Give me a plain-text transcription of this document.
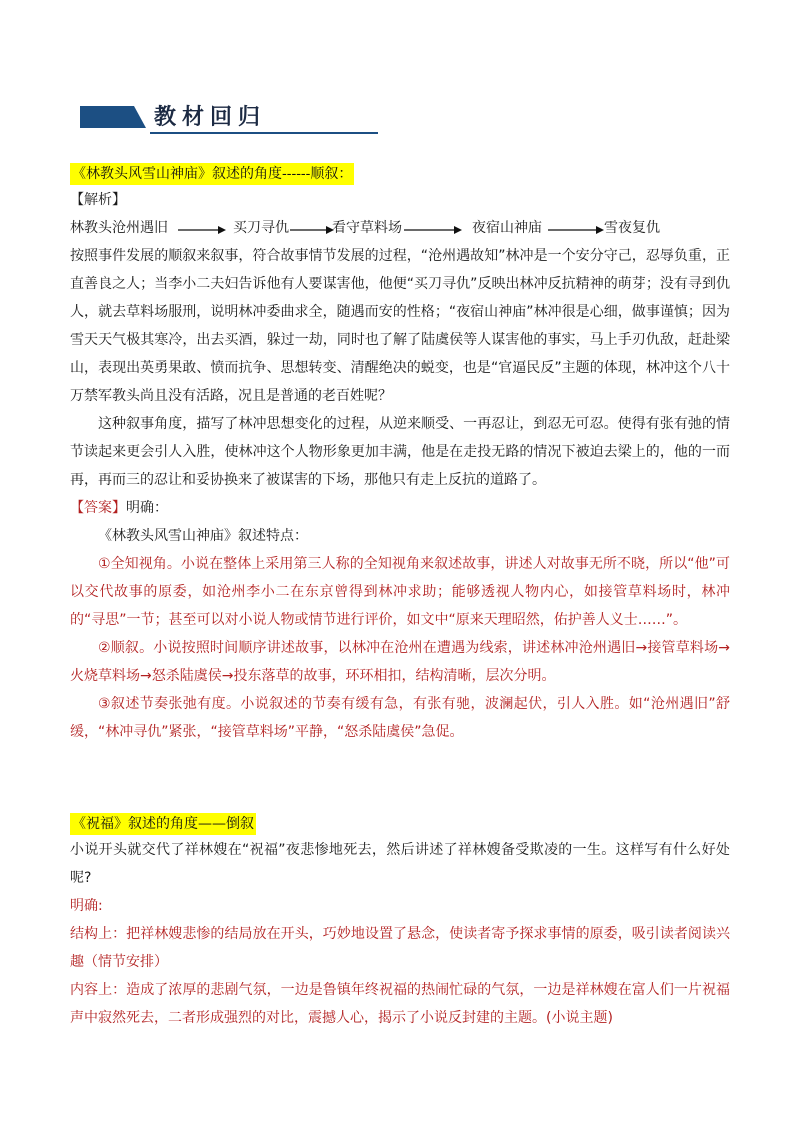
教材回归
《林教头风雪山神庙》叙述的角度------顺叙：
【解析】
林教头沧州遇旧	买刀寻仇	看守草料场	夜宿山神庙	雪夜复仇

按照事件发展的顺叙来叙事，符合故事情节发展的过程，“沧州遇故知”林冲是一个安分守己，忍辱负重，正直善良之人；当李小二夫妇告诉他有人要谋害他，他便“买刀寻仇”反映出林冲反抗精神的萌芽；没有寻到仇人，就去草料场服刑，说明林冲委曲求全，随遇而安的性格；“夜宿山神庙”林冲很是心细，做事谨慎；因为雪天天气极其寒冷，出去买酒，躲过一劫，同时也了解了陆虞侯等人谋害他的事实，马上手刃仇敌，赶赴梁山，表现出英勇果敢、愤而抗争、思想转变、清醒绝决的蜕变，也是“官逼民反”主题的体现，林冲这个八十万禁军教头尚且没有活路，况且是普通的老百姓呢？

这种叙事角度，描写了林冲思想变化的过程，从逆来顺受、一再忍让，到忍无可忍。使得有张有弛的情节读起来更会引人入胜，使林冲这个人物形象更加丰满，他是在走投无路的情况下被迫去梁上的，他的一而再，再而三的忍让和妥协换来了被谋害的下场，那他只有走上反抗的道路了。

【答案】明确：

《林教头风雪山神庙》叙述特点：

①全知视角。小说在整体上采用第三人称的全知视角来叙述故事，讲述人对故事无所不晓，所以“他”可以交代故事的原委，如沧州李小二在东京曾得到林冲求助；能够透视人物内心，如接管草料场时，林冲的“寻思”一节；甚至可以对小说人物或情节进行评价，如文中“原来天理昭然，佑护善人义士……”。

②顺叙。小说按照时间顺序讲述故事，以林冲在沧州在遭遇为线索，讲述林冲沧州遇旧→接管草料场→火烧草料场→怒杀陆虞侯→投东落草的故事，环环相扣，结构清晰，层次分明。

③叙述节奏张弛有度。小说叙述的节奏有缓有急，有张有驰，波澜起伏，引人入胜。如“沧州遇旧”舒缓，“林冲寻仇”紧张，“接管草料场”平静，“怒杀陆虞侯”急促。

《祝福》叙述的角度——倒叙

小说开头就交代了祥林嫂在“祝福”夜悲惨地死去，然后讲述了祥林嫂备受欺凌的一生。这样写有什么好处呢?

明确:

结构上：把祥林嫂悲惨的结局放在开头，巧妙地设置了悬念，使读者寄予探求事情的原委，吸引读者阅读兴趣（情节安排）

内容上：造成了浓厚的悲剧气氛，一边是鲁镇年终祝福的热闹忙碌的气氛，一边是祥林嫂在富人们一片祝福声中寂然死去，二者形成强烈的对比，震撼人心，揭示了小说反封建的主题。(小说主题)
